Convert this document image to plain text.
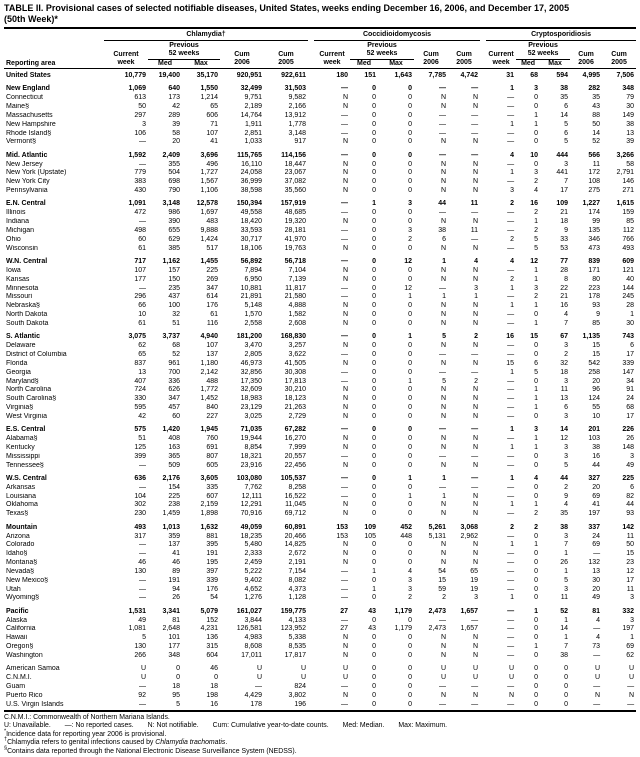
TABLE II. Provisional cases of selected notifiable diseases, United States, weeks ending December 16, 2006, and December 17, 2005
(50th Week)*
Reporting area	Chlamydia†						Coccidioidomycosis						Cryptosporidiosis				
		Previous						Previous						Previous			
	Current	52 weeks		Cum	Cum		Current	52 weeks		Cum	Cum		Current	52 weeks		Cum	Cum
	week	Med	Max	2006	2005		week	Med	Max	2006	2005		week	Med	Max	2006	2005
United States	10,779	19,400	35,170	920,951	922,611		180	151	1,643	7,785	4,742		31	68	594	4,995	7,506
New England	1,069	640	1,550	32,499	31,503		—	0	0	—	—		1	3	38	282	348
Connecticut	613	173	1,214	9,751	9,582		N	0	0	N	N		—	0	35	35	79
Maine§	50	42	65	2,189	2,166		N	0	0	N	N		—	0	6	43	30
Massachusetts	297	289	606	14,764	13,912		—	0	0	—	—		—	1	14	88	149
New Hampshire	3	39	71	1,911	1,778		—	0	0	—	—		1	1	5	50	38
Rhode Island§	106	58	107	2,851	3,148		—	0	0	—	—		—	0	6	14	13
Vermont§	—	20	41	1,033	917		N	0	0	N	N		—	0	5	52	39
Mid. Atlantic	1,592	2,409	3,696	115,765	114,156		—	0	0	—	—		4	10	444	566	3,266
New Jersey	—	355	496	16,110	18,447		N	0	0	N	N		—	0	3	11	58
New York (Upstate)	779	504	1,727	24,058	23,067		N	0	0	N	N		1	3	441	172	2,791
New York City	383	698	1,567	36,999	37,082		N	0	0	N	N		—	2	7	108	146
Pennsylvania	430	790	1,106	38,598	35,560		N	0	0	N	N		3	4	17	275	271
E.N. Central	1,091	3,148	12,578	150,394	157,919		—	1	3	44	11		2	16	109	1,227	1,615
Illinois	472	986	1,697	49,558	48,685		—	0	0	—	—		—	2	21	174	159
Indiana	—	390	483	18,420	19,320		N	0	0	N	N		—	1	18	99	85
Michigan	498	655	9,888	33,593	28,181		—	0	3	38	11		—	2	9	135	112
Ohio	60	629	1,424	30,717	41,970		—	0	2	6	—		2	5	33	346	766
Wisconsin	61	385	517	18,106	19,763		N	0	0	N	N		—	5	53	473	493
W.N. Central	717	1,162	1,455	56,892	56,718		—	0	12	1	4		4	12	77	839	609
Iowa	107	157	225	7,894	7,104		N	0	0	N	N		—	1	28	171	121
Kansas	177	150	269	6,950	7,139		N	0	0	N	N		2	1	8	80	40
Minnesota	—	235	347	10,881	11,817		—	0	12	—	3		1	3	22	223	144
Missouri	296	437	614	21,891	21,580		—	0	1	1	1		—	2	21	178	245
Nebraska§	66	100	176	5,148	4,888		N	0	0	N	N		1	1	16	93	28
North Dakota	10	32	61	1,570	1,582		N	0	0	N	N		—	0	4	9	1
South Dakota	61	51	116	2,558	2,608		N	0	0	N	N		—	1	7	85	30
S. Atlantic	3,075	3,737	4,940	181,200	168,830		—	0	1	5	2		16	15	67	1,135	743
Delaware	62	68	107	3,470	3,257		N	0	0	N	N		—	0	3	15	6
District of Columbia	65	52	137	2,805	3,622		—	0	0	—	—		—	0	2	15	17
Florida	837	961	1,180	46,973	41,505		N	0	0	N	N		15	6	32	542	339
Georgia	13	700	2,142	32,856	30,308		—	0	0	—	—		1	5	18	258	147
Maryland§	407	336	488	17,350	17,813		—	0	1	5	2		—	0	3	20	34
North Carolina	724	626	1,772	32,609	30,210		N	0	0	N	N		—	1	11	96	91
South Carolina§	330	347	1,452	18,983	18,123		N	0	0	N	N		—	1	13	124	24
Virginia§	595	457	840	23,129	21,263		N	0	0	N	N		—	1	6	55	68
West Virginia	42	60	227	3,025	2,729		N	0	0	N	N		—	0	3	10	17
E.S. Central	575	1,420	1,945	71,035	67,282		—	0	0	—	—		1	3	14	201	226
Alabama§	51	408	760	19,944	16,270		N	0	0	N	N		—	1	12	103	26
Kentucky	125	163	691	8,854	7,999		N	0	0	N	N		1	1	3	38	148
Mississippi	399	365	807	18,321	20,557		—	0	0	—	—		—	0	3	16	3
Tennessee§	—	509	605	23,916	22,456		N	0	0	N	N		—	0	5	44	49
W.S. Central	636	2,176	3,605	103,080	105,537		—	0	1	1	—		1	4	44	327	225
Arkansas	—	154	335	7,762	8,258		—	0	0	—	—		—	0	2	20	6
Louisiana	104	225	607	12,111	16,522		—	0	1	1	N		—	0	9	69	82
Oklahoma	302	238	2,159	12,291	11,045		N	0	0	N	N		1	1	4	41	44
Texas§	230	1,459	1,898	70,916	69,712		N	0	0	N	N		—	2	35	197	93
Mountain	493	1,013	1,632	49,059	60,891		153	109	452	5,261	3,068		2	2	38	337	142
Arizona	317	359	881	18,235	20,466		153	105	448	5,131	2,962		—	0	3	24	11
Colorado	—	137	395	5,480	14,825		N	0	0	N	N		1	1	7	69	50
Idaho§	—	41	191	2,333	2,672		N	0	0	N	N		—	0	1	—	15
Montana§	46	46	195	2,459	2,191		N	0	0	N	N		—	0	26	132	23
Nevada§	130	89	397	5,222	7,154		—	1	4	54	65		—	0	1	13	12
New Mexico§	—	191	339	9,402	8,082		—	0	3	15	19		—	0	5	30	17
Utah	—	94	176	4,652	4,373		—	1	3	59	19		—	0	3	20	11
Wyoming§	—	26	54	1,276	1,128		—	0	2	2	3		1	0	11	49	3
Pacific	1,531	3,341	5,079	161,027	159,775		27	43	1,179	2,473	1,657		—	1	52	81	332
Alaska	49	81	152	3,844	4,133		—	0	0	—	—		—	0	1	4	3
California	1,081	2,648	4,231	126,581	123,952		27	43	1,179	2,473	1,657		—	0	14	—	197
Hawaii	5	101	136	4,983	5,338		N	0	0	N	N		—	0	1	4	1
Oregon§	130	177	315	8,608	8,535		N	0	0	N	N		—	1	7	73	69
Washington	266	348	604	17,011	17,817		N	0	0	N	N		—	0	38	—	62
American Samoa	U	0	46	U	U		U	0	0	U	U		U	0	0	U	U
C.N.M.I.	U	0	0	U	U		U	0	0	U	U		U	0	0	U	U
Guam	—	18	18	—	824		—	0	0	—	—		—	0	0	—	—
Puerto Rico	92	95	198	4,429	3,802		N	0	0	N	N		N	0	0	N	N
U.S. Virgin Islands	—	5	16	178	196		—	0	0	—	—		—	0	0	—	—
C.N.M.I.: Commonwealth of Northern Mariana Islands.
U: Unavailable. —: No reported cases. N: Not notifiable. Cum: Cumulative year-to-date counts. Med: Median. Max: Maximum.
*Incidence data for reporting year 2006 is provisional.
†Chlamydia refers to genital infections caused by Chlamydia trachomatis.
§Contains data reported through the National Electronic Disease Surveillance System (NEDSS).
